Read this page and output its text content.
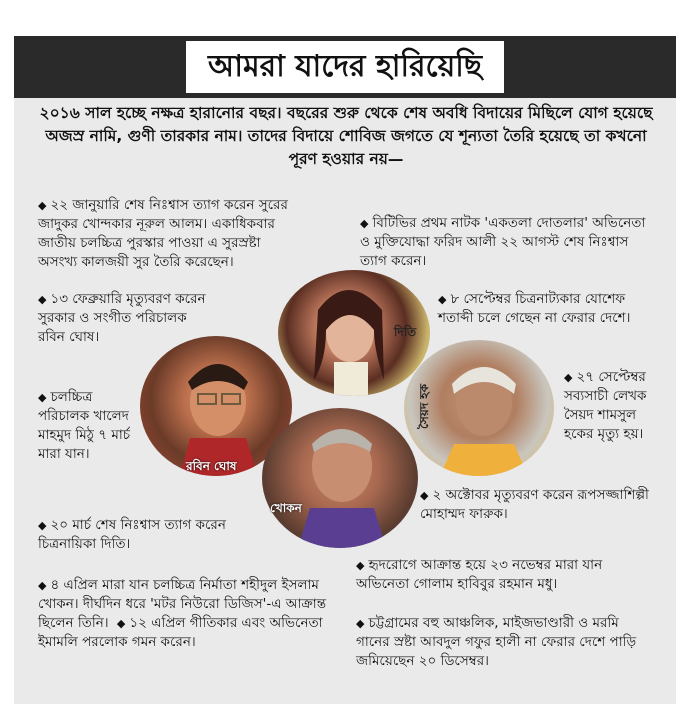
আমরা যাদের হারিয়েছি
২০১৬ সাল হচ্ছে নক্ষত্র হারানোর বছর। বছরের শুরু থেকে শেষ অবধি বিদায়ের মিছিলে যোগ হয়েছে অজস্র নামি, গুণী তারকার নাম। তাদের বিদায়ে শোবিজ জগতে যে শূন্যতা তৈরি হয়েছে তা কখনো পূরণ হওয়ার নয়—
◆ ২২ জানুয়ারি শেষ নিঃশ্বাস ত্যাগ করেন সুরের জাদুকর খোন্দকার নূরুল আলম। একাধিকবার জাতীয় চলচ্চিত্র পুরস্কার পাওয়া এ সুরস্রষ্টা অসংখ্য কালজয়ী সুর তৈরি করেছেন।
◆ বিটিভির প্রথম নাটক 'একতলা দোতলার' অভিনেতা ও মুক্তিযোদ্ধা ফরিদ আলী ২২ আগস্ট শেষ নিঃশ্বাস ত্যাগ করেন।
◆ ১৩ ফেব্রুয়ারি মৃত্যুবরণ করেন সুরকার ও সংগীত পরিচালক রবিন ঘোষ।
◆ ৮ সেপ্টেম্বর চিত্রনাট্যকার যোশেফ শতাব্দী চলে গেছেন না ফেরার দেশে।
◆ চলচ্চিত্র পরিচালক খালেদ মাহমুদ মিঠু ৭ মার্চ মারা যান।
◆ ২৭ সেপ্টেম্বর সব্যসাচী লেখক সৈয়দ শামসুল হকের মৃত্যু হয়।
◆ ২ অক্টোবর মৃত্যুবরণ করেন রূপসজ্জাশিল্পী মোহাম্মদ ফারুক।
◆ ২০ মার্চ শেষ নিঃশ্বাস ত্যাগ করেন চিত্রনায়িকা দিতি।
◆ হৃদরোগে আক্রান্ত হয়ে ২৩ নভেম্বর মারা যান অভিনেতা গোলাম হাবিবুর রহমান মধু।
◆ ৪ এপ্রিল মারা যান চলচ্চিত্র নির্মাতা শহীদুল ইসলাম খোকন। দীর্ঘদিন ধরে 'মটর নিউরো ডিজিস'-এ আক্রান্ত ছিলেন তিনি। ◆ ১২ এপ্রিল গীতিকার এবং অভিনেতা ইমামলি পরলোক গমন করেন।
◆ চট্টগ্রামের বহু আঞ্চলিক, মাইজভাণ্ডারী ও মরমি গানের স্রষ্টা আবদুল গফুর হালী না ফেরার দেশে পাড়ি জমিয়েছেন ২০ ডিসেম্বর।
দিতি
রবিন ঘোষ
খোকন
সৈয়দ হক
